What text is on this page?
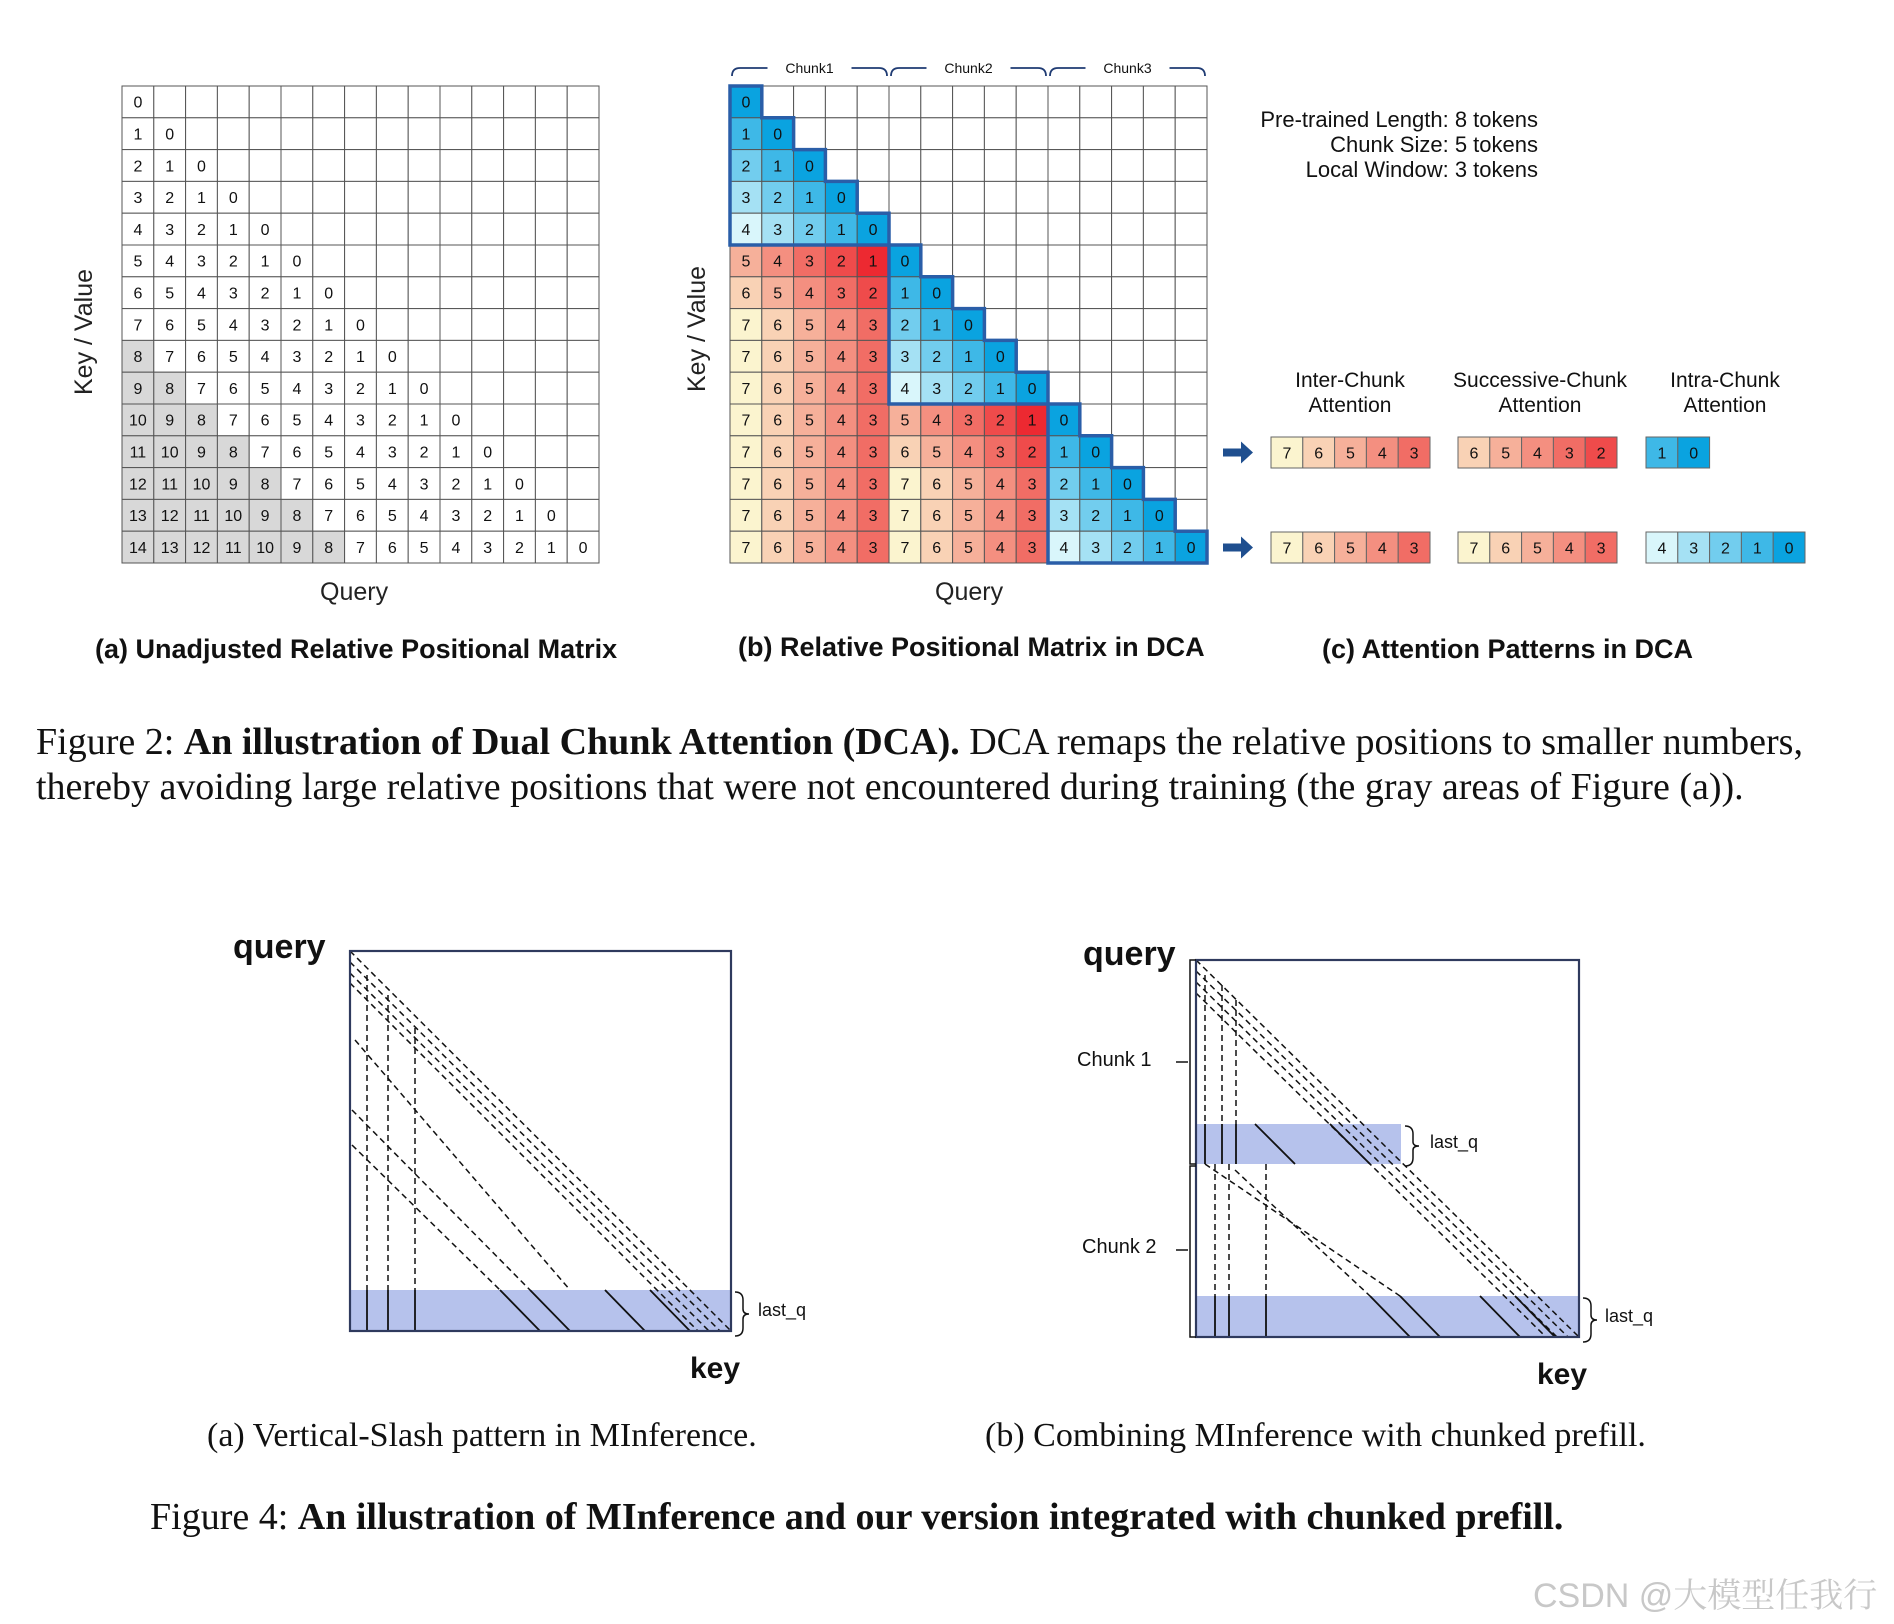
0
1 0
2 1 0
3 2 1 0
4 3 2 1 0
5 4 3 2 1 0
6 5 4 3 2 1 0
7 6 5 4 3 2 1 0
8 7 6 5 4 3 2 1 0
9 8 7 6 5 4 3 2 1 0
10 9 8 7 6 5 4 3 2 1 0
11 10 9 8 7 6 5 4 3 2 1 0
12 11 10 9 8 7 6 5 4 3 2 1 0
13 12 11 10 9 8 7 6 5 4 3 2 1 0
14 13 12 11 10 9 8 7 6 5 4 3 2 1 0
0
1 0
2 1 0
3 2 1 0
4 3 2 1 0
5 4 3 2 1 0
6 5 4 3 2 1 0
7 6 5 4 3 2 1 0
7 6 5 4 3 3 2 1 0
7 6 5 4 3 4 3 2 1 0
7 6 5 4 3 5 4 3 2 1 0
7 6 5 4 3 6 5 4 3 2 1 0
7 6 5 4 3 7 6 5 4 3 2 1 0
7 6 5 4 3 7 6 5 4 3 3 2 1 0
7 6 5 4 3 7 6 5 4 3 4 3 2 1 0
Chunk1	Chunk2	Chunk3
7 6 5 4 3	6 5 4 3 2	1 0
7 6 5 4 3	7 6 5 4 3	4 3 2 1 0
Query
Key / Value
(a) Unadjusted Relative Positional Matrix
Query
Key / Value
(b) Relative Positional Matrix in DCA
Pre-trained Length: 8 tokens
Chunk Size: 5 tokens
Local Window: 3 tokens
Inter-Chunk
Attention
Successive-Chunk
Attention
Intra-Chunk
Attention
(c) Attention Patterns in DCA
Figure 2: An illustration of Dual Chunk Attention (DCA). DCA remaps the relative positions to smaller numbers, thereby avoiding large relative positions that were not encountered during training (the gray areas of Figure (a)).
query
key
last_q
(a) Vertical-Slash pattern in MInference.
query
Chunk 1
Chunk 2
last_q
last_q
key
(b) Combining MInference with chunked prefill.
Figure 4: An illustration of MInference and our version integrated with chunked prefill.
CSDN @大模型任我行
